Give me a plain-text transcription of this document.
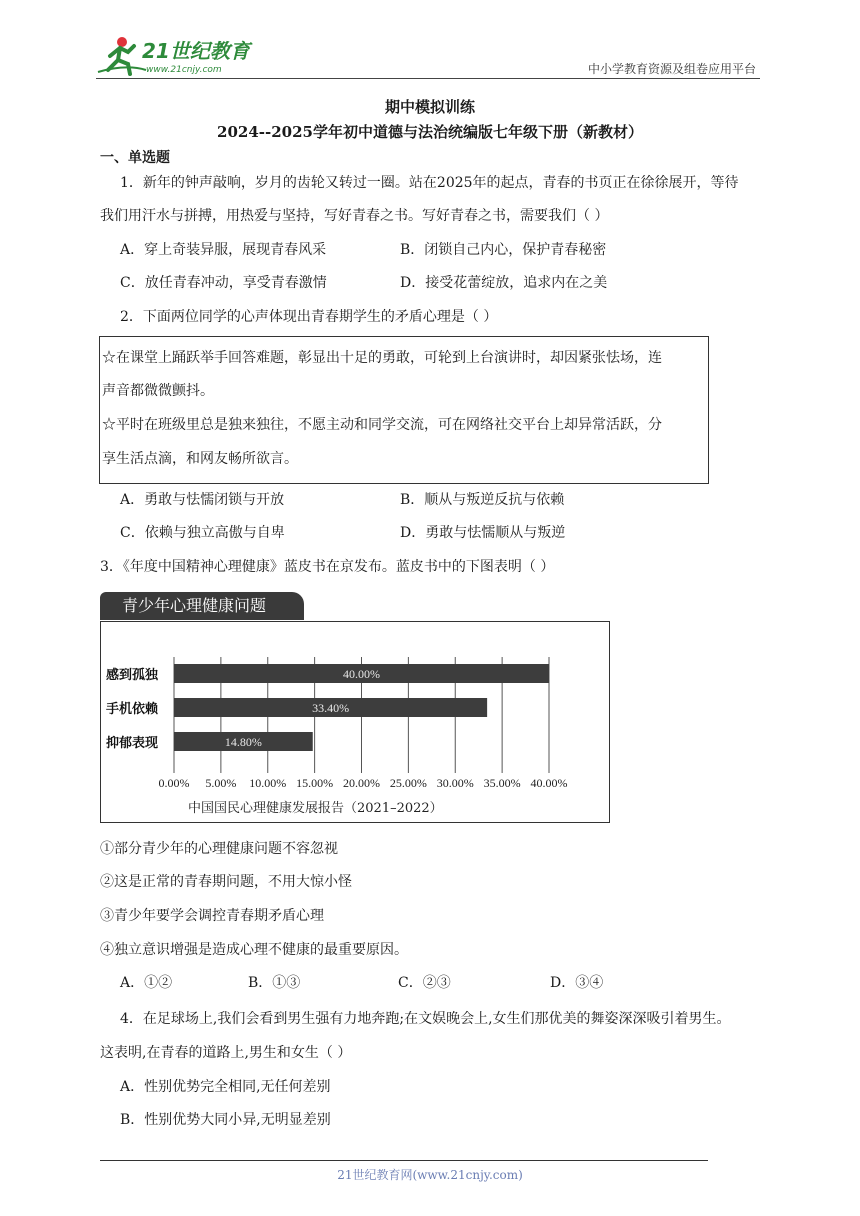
21世纪教育
www.21cnjy.com	中小学教育资源及组卷应用平台
期中模拟训练
2024--2025学年初中道德与法治统编版七年级下册（新教材）
一、单选题
1．新年的钟声敲响，岁月的齿轮又转过一圈。站在2025年的起点，青春的书页正在徐徐展开，等待
我们用汗水与拼搏，用热爱与坚持，写好青春之书。写好青春之书，需要我们（ ）
A．穿上奇装异服，展现青春风采	B．闭锁自己内心，保护青春秘密
C．放任青春冲动，享受青春激情	D．接受花蕾绽放，追求内在之美
2．下面两位同学的心声体现出青春期学生的矛盾心理是（ ）
☆在课堂上踊跃举手回答难题，彰显出十足的勇敢，可轮到上台演讲时，却因紧张怯场，连
声音都微微颤抖。
☆平时在班级里总是独来独往，不愿主动和同学交流，可在网络社交平台上却异常活跃，分
享生活点滴，和网友畅所欲言。
A．勇敢与怯懦闭锁与开放	B．顺从与叛逆反抗与依赖
C．依赖与独立高傲与自卑	D．勇敢与怯懦顺从与叛逆
3．《年度中国精神心理健康》蓝皮书在京发布。蓝皮书中的下图表明（ ）
青少年心理健康问题
0.00% 5.00% 10.00% 15.00% 20.00% 25.00% 30.00% 35.00% 40.00%
感到孤独	40.00%
手机依赖	33.40%
抑郁表现	14.80%
中国国民心理健康发展报告（2021–2022）
①部分青少年的心理健康问题不容忽视
②这是正常的青春期问题，不用大惊小怪
③青少年要学会调控青春期矛盾心理
④独立意识增强是造成心理不健康的最重要原因。
A．①②	B．①③	C．②③	D．③④
4．在足球场上,我们会看到男生强有力地奔跑;在文娱晚会上,女生们那优美的舞姿深深吸引着男生。
这表明,在青春的道路上,男生和女生（ ）
A．性别优势完全相同,无任何差别
B．性别优势大同小异,无明显差别
21世纪教育网(www.21cnjy.com)
